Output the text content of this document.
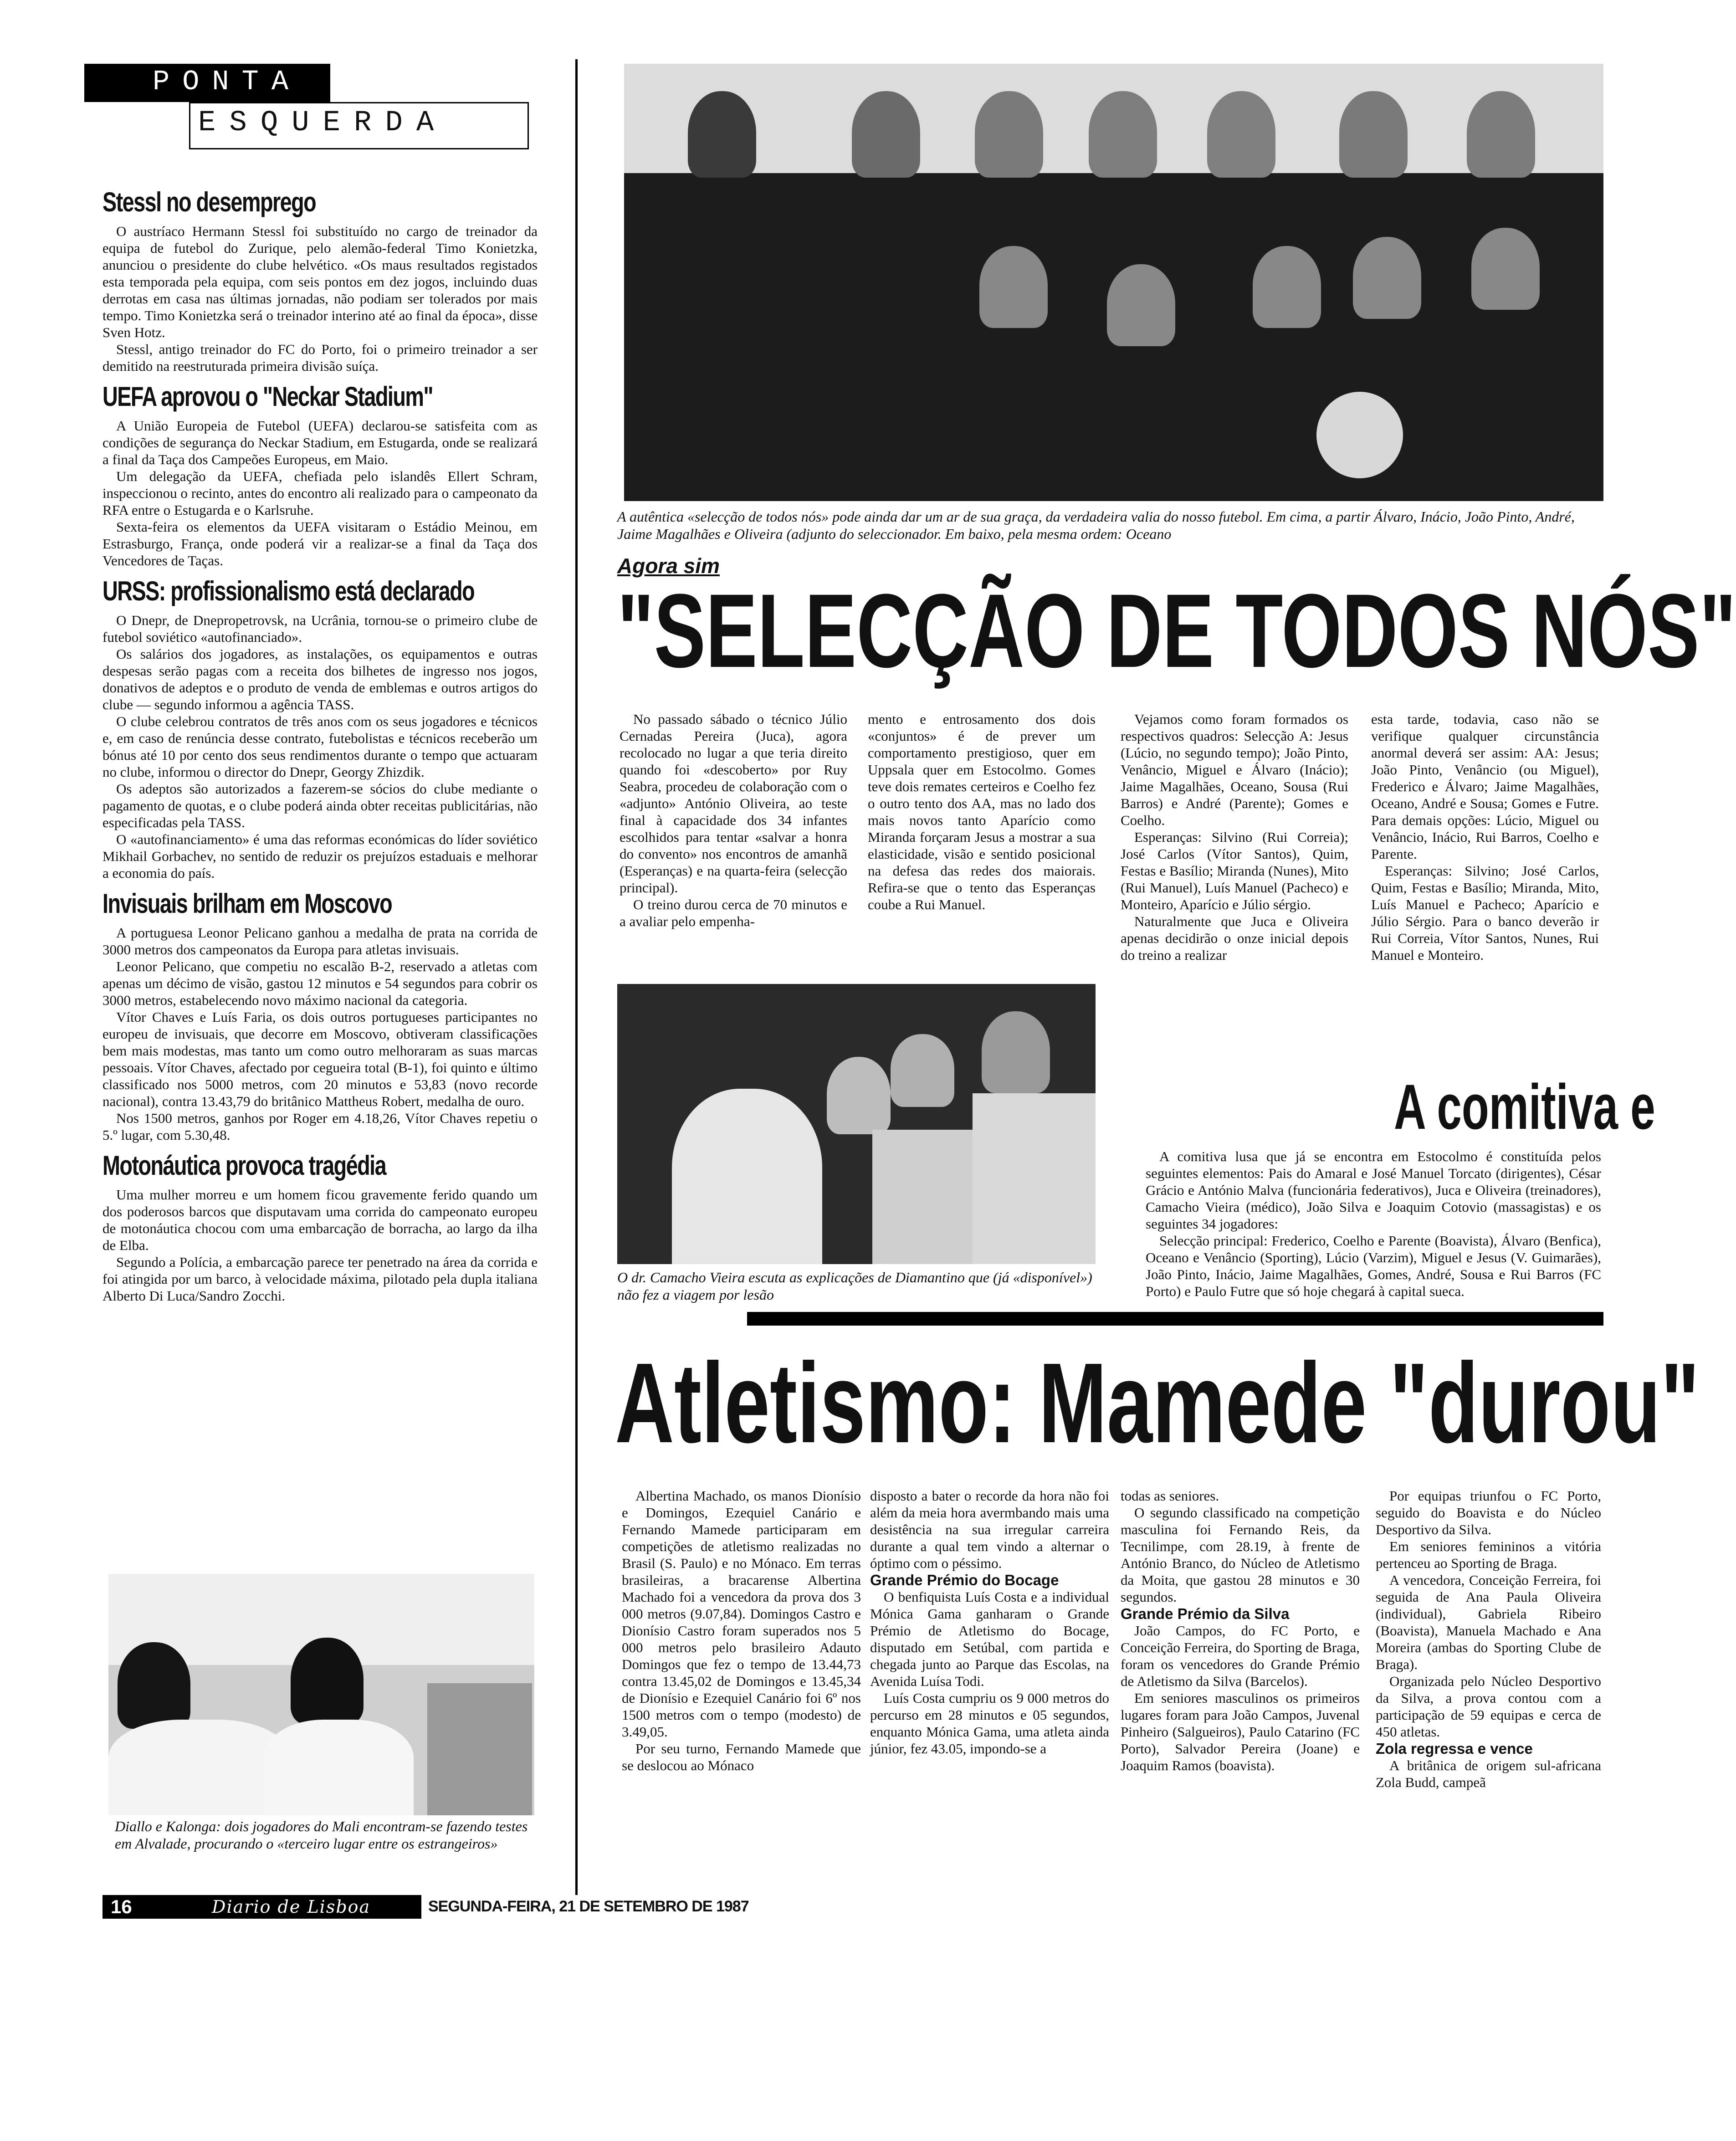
PONTA
ESQUERDA
Stessl no desemprego

O austríaco Hermann Stessl foi substituído no cargo de treinador da equipa de futebol do Zurique, pelo alemão-federal Timo Konietzka, anunciou o presidente do clube helvético. «Os maus resultados registados esta temporada pela equipa, com seis pontos em dez jogos, incluindo duas derrotas em casa nas últimas jornadas, não podiam ser tolerados por mais tempo. Timo Konietzka será o treinador interino até ao final da época», disse Sven Hotz.

Stessl, antigo treinador do FC do Porto, foi o primeiro treinador a ser demitido na reestruturada primeira divisão suíça.

UEFA aprovou o "Neckar Stadium"

A União Europeia de Futebol (UEFA) declarou-se satisfeita com as condições de segurança do Neckar Stadium, em Estugarda, onde se realizará a final da Taça dos Campeões Europeus, em Maio.

Um delegação da UEFA, chefiada pelo islandês Ellert Schram, inspeccionou o recinto, antes do encontro ali realizado para o campeonato da RFA entre o Estugarda e o Karlsruhe.

Sexta-feira os elementos da UEFA visitaram o Estádio Meinou, em Estrasburgo, França, onde poderá vir a realizar-se a final da Taça dos Vencedores de Taças.

URSS: profissionalismo está declarado

O Dnepr, de Dnepropetrovsk, na Ucrânia, tornou-se o primeiro clube de futebol soviético «autofinanciado».

Os salários dos jogadores, as instalações, os equipamentos e outras despesas serão pagas com a receita dos bilhetes de ingresso nos jogos, donativos de adeptos e o produto de venda de emblemas e outros artigos do clube — segundo informou a agência TASS.

O clube celebrou contratos de três anos com os seus jogadores e técnicos e, em caso de renúncia desse contrato, futebolistas e técnicos receberão um bónus até 10 por cento dos seus rendimentos durante o tempo que actuaram no clube, informou o director do Dnepr, Georgy Zhizdik.

Os adeptos são autorizados a fazerem-se sócios do clube mediante o pagamento de quotas, e o clube poderá ainda obter receitas publicitárias, não especificadas pela TASS.

O «autofinanciamento» é uma das reformas económicas do líder soviético Mikhail Gorbachev, no sentido de reduzir os prejuízos estaduais e melhorar a economia do país.

Invisuais brilham em Moscovo

A portuguesa Leonor Pelicano ganhou a medalha de prata na corrida de 3000 metros dos campeonatos da Europa para atletas invisuais.

Leonor Pelicano, que competiu no escalão B-2, reservado a atletas com apenas um décimo de visão, gastou 12 minutos e 54 segundos para cobrir os 3000 metros, estabelecendo novo máximo nacional da categoria.

Vítor Chaves e Luís Faria, os dois outros portugueses participantes no europeu de invisuais, que decorre em Moscovo, obtiveram classificações bem mais modestas, mas tanto um como outro melhoraram as suas marcas pessoais. Vítor Chaves, afectado por cegueira total (B-1), foi quinto e último classificado nos 5000 metros, com 20 minutos e 53,83 (novo recorde nacional), contra 13.43,79 do britânico Mattheus Robert, medalha de ouro.

Nos 1500 metros, ganhos por Roger em 4.18,26, Vítor Chaves repetiu o 5.º lugar, com 5.30,48.

Motonáutica provoca tragédia

Uma mulher morreu e um homem ficou gravemente ferido quando um dos poderosos barcos que disputavam uma corrida do campeonato europeu de motonáutica chocou com uma embarcação de borracha, ao largo da ilha de Elba.

Segundo a Polícia, a embarcação parece ter penetrado na área da corrida e foi atingida por um barco, à velocidade máxima, pilotado pela dupla italiana Alberto Di Luca/Sandro Zocchi.

Diallo e Kalonga: dois jogadores do Mali encontram-se fazendo testes em Alvalade, procurando o «terceiro lugar entre os estrangeiros»
A autêntica «selecção de todos nós» pode ainda dar um ar de sua graça, da verdadeira valia do nosso futebol. Em cima, a partir Álvaro, Inácio, João Pinto, André, Jaime Magalhães e Oliveira (adjunto do seleccionador. Em baixo, pela mesma ordem: Oceano
Agora sim
"SELECÇÃO DE TODOS NÓS"

No passado sábado o técnico Júlio Cernadas Pereira (Juca), agora recolocado no lugar a que teria direito quando foi «descoberto» por Ruy Seabra, procedeu de colaboração com o «adjunto» António Oliveira, ao teste final à capacidade dos 34 infantes escolhidos para tentar «salvar a honra do convento» nos encontros de amanhã (Esperanças) e na quarta-feira (selecção principal).

O treino durou cerca de 70 minutos e a avaliar pelo empenha-

mento e entrosamento dos dois «conjuntos» é de prever um comportamento prestigioso, quer em Uppsala quer em Estocolmo. Gomes teve dois remates certeiros e Coelho fez o outro tento dos AA, mas no lado dos mais novos tanto Aparício como Miranda forçaram Jesus a mostrar a sua elasticidade, visão e sentido posicional na defesa das redes dos maiorais. Refira-se que o tento das Esperanças coube a Rui Manuel.

Vejamos como foram formados os respectivos quadros: Selecção A: Jesus (Lúcio, no segundo tempo); João Pinto, Venâncio, Miguel e Álvaro (Inácio); Jaime Magalhães, Oceano, Sousa (Rui Barros) e André (Parente); Gomes e Coelho.

Esperanças: Silvino (Rui Correia); José Carlos (Vítor Santos), Quim, Festas e Basílio; Miranda (Nunes), Mito (Rui Manuel), Luís Manuel (Pacheco) e Monteiro, Aparício e Júlio sérgio.

Naturalmente que Juca e Oliveira apenas decidirão o onze inicial depois do treino a realizar

esta tarde, todavia, caso não se verifique qualquer circunstância anormal deverá ser assim: AA: Jesus; João Pinto, Venâncio (ou Miguel), Frederico e Álvaro; Jaime Magalhães, Oceano, André e Sousa; Gomes e Futre. Para demais opções: Lúcio, Miguel ou Venâncio, Inácio, Rui Barros, Coelho e Parente.

Esperanças: Silvino; José Carlos, Quim, Festas e Basílio; Miranda, Mito, Luís Manuel e Pacheco; Aparício e Júlio Sérgio. Para o banco deverão ir Rui Correia, Vítor Santos, Nunes, Rui Manuel e Monteiro.

O dr. Camacho Vieira escuta as explicações de Diamantino que (já «disponível») não fez a viagem por lesão
A comitiva e

A comitiva lusa que já se encontra em Estocolmo é constituída pelos seguintes elementos: Pais do Amaral e José Manuel Torcato (dirigentes), César Grácio e António Malva (funcionária federativos), Juca e Oliveira (treinadores), Camacho Vieira (médico), João Silva e Joaquim Cotovio (massagistas) e os seguintes 34 jogadores:

Selecção principal: Frederico, Coelho e Parente (Boavista), Álvaro (Benfica), Oceano e Venâncio (Sporting), Lúcio (Varzim), Miguel e Jesus (V. Guimarães), João Pinto, Inácio, Jaime Magalhães, Gomes, André, Sousa e Rui Barros (FC Porto) e Paulo Futre que só hoje chegará à capital sueca.

Atletismo: Mamede "durou"

Albertina Machado, os manos Dionísio e Domingos, Ezequiel Canário e Fernando Mamede participaram em competições de atletismo realizadas no Brasil (S. Paulo) e no Mónaco. Em terras brasileiras, a bracarense Albertina Machado foi a vencedora da prova dos 3 000 metros (9.07,84). Domingos Castro e Dionísio Castro foram superados nos 5 000 metros pelo brasileiro Adauto Domingos que fez o tempo de 13.44,73 contra 13.45,02 de Domingos e 13.45,34 de Dionísio e Ezequiel Canário foi 6º nos 1500 metros com o tempo (modesto) de 3.49,05.

Por seu turno, Fernando Mamede que se deslocou ao Mónaco

disposto a bater o recorde da hora não foi além da meia hora avermbando mais uma desistência na sua irregular carreira durante a qual tem vindo a alternar o óptimo com o péssimo.

Grande Prémio do Bocage

O benfiquista Luís Costa e a individual Mónica Gama ganharam o Grande Prémio de Atletismo do Bocage, disputado em Setúbal, com partida e chegada junto ao Parque das Escolas, na Avenida Luísa Todi.

Luís Costa cumpriu os 9 000 metros do percurso em 28 minutos e 05 segundos, enquanto Mónica Gama, uma atleta ainda júnior, fez 43.05, impondo-se a

todas as seniores.

O segundo classificado na competição masculina foi Fernando Reis, da Tecnilimpe, com 28.19, à frente de António Branco, do Núcleo de Atletismo da Moita, que gastou 28 minutos e 30 segundos.

Grande Prémio da Silva

João Campos, do FC Porto, e Conceição Ferreira, do Sporting de Braga, foram os vencedores do Grande Prémio de Atletismo da Silva (Barcelos).

Em seniores masculinos os primeiros lugares foram para João Campos, Juvenal Pinheiro (Salgueiros), Paulo Catarino (FC Porto), Salvador Pereira (Joane) e Joaquim Ramos (boavista).

Por equipas triunfou o FC Porto, seguido do Boavista e do Núcleo Desportivo da Silva.

Em seniores femininos a vitória pertenceu ao Sporting de Braga.

A vencedora, Conceição Ferreira, foi seguida de Ana Paula Oliveira (individual), Gabriela Ribeiro (Boavista), Manuela Machado e Ana Moreira (ambas do Sporting Clube de Braga).

Organizada pelo Núcleo Desportivo da Silva, a prova contou com a participação de 59 equipas e cerca de 450 atletas.

Zola regressa e vence

A britânica de origem sul-africana Zola Budd, campeã

16	Diario de Lisboa	SEGUNDA-FEIRA, 21 DE SETEMBRO DE 1987
